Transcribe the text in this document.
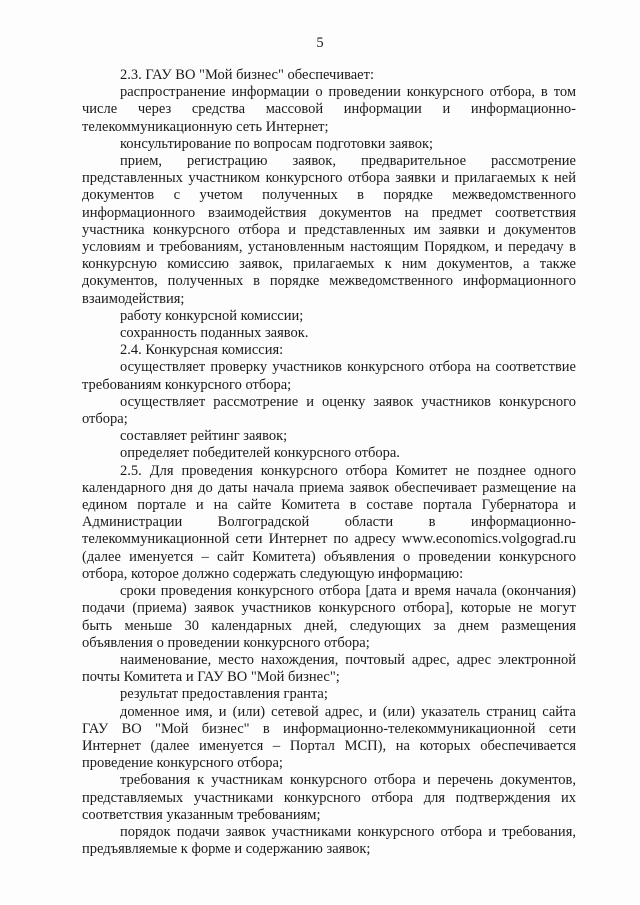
5

2.3. ГАУ ВО "Мой бизнес" обеспечивает:

распространение информации о проведении конкурсного отбора, в том числе через средства массовой информации и информационно-телекоммуникационную сеть Интернет;

консультирование по вопросам подготовки заявок;

прием, регистрацию заявок, предварительное рассмотрение представленных участником конкурсного отбора заявки и прилагаемых к ней документов с учетом полученных в порядке межведомственного информационного взаимодействия документов на предмет соответствия участника конкурсного отбора и представленных им заявки и документов условиям и требованиям, установленным настоящим Порядком, и передачу в конкурсную комиссию заявок, прилагаемых к ним документов, а также документов, полученных в порядке межведомственного информационного взаимодействия;

работу конкурсной комиссии;

сохранность поданных заявок.

2.4. Конкурсная комиссия:

осуществляет проверку участников конкурсного отбора на соответствие требованиям конкурсного отбора;

осуществляет рассмотрение и оценку заявок участников конкурсного отбора;

составляет рейтинг заявок;

определяет победителей конкурсного отбора.

2.5. Для проведения конкурсного отбора Комитет не позднее одного календарного дня до даты начала приема заявок обеспечивает размещение на едином портале и на сайте Комитета в составе портала Губернатора и Администрации Волгоградской области в информационно-телекоммуникационной сети Интернет по адресу www.economics.volgograd.ru (далее именуется – сайт Комитета) объявления о проведении конкурсного отбора, которое должно содержать следующую информацию:

сроки проведения конкурсного отбора [дата и время начала (окончания) подачи (приема) заявок участников конкурсного отбора], которые не могут быть меньше 30 календарных дней, следующих за днем размещения объявления о проведении конкурсного отбора;

наименование, место нахождения, почтовый адрес, адрес электронной почты Комитета и ГАУ ВО "Мой бизнес";

результат предоставления гранта;

доменное имя, и (или) сетевой адрес, и (или) указатель страниц сайта ГАУ ВО "Мой бизнес" в информационно-телекоммуникационной сети Интернет (далее именуется – Портал МСП), на которых обеспечивается проведение конкурсного отбора;

требования к участникам конкурсного отбора и перечень документов, представляемых участниками конкурсного отбора для подтверждения их соответствия указанным требованиям;

порядок подачи заявок участниками конкурсного отбора и требования, предъявляемые к форме и содержанию заявок;
